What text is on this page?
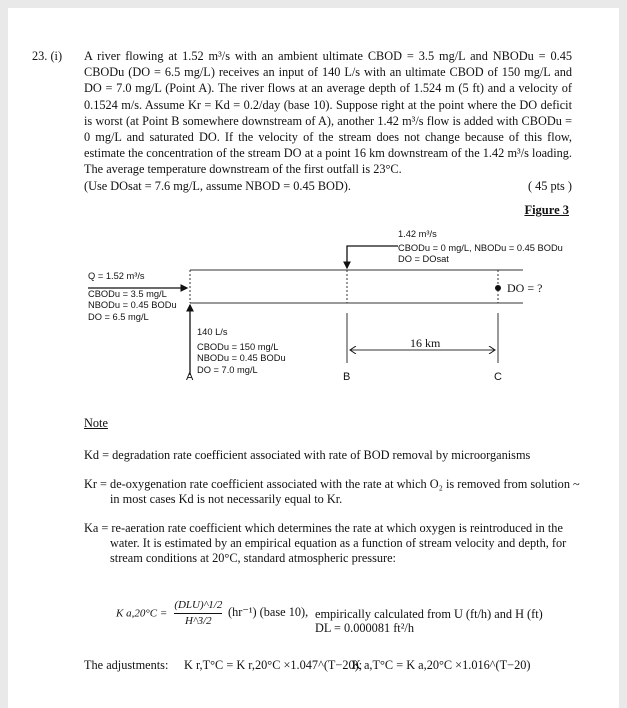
23. (i) A river flowing at 1.52 m³/s with an ambient ultimate CBOD = 3.5 mg/L and NBODu = 0.45 CBODu (DO = 6.5 mg/L) receives an input of 140 L/s with an ultimate CBOD of 150 mg/L and DO = 7.0 mg/L (Point A). The river flows at an average depth of 1.524 m (5 ft) and a velocity of 0.1524 m/s. Assume Kr = Kd = 0.2/day (base 10). Suppose right at the point where the DO deficit is worst (at Point B somewhere downstream of A), another 1.42 m³/s flow is added with CBODu = 0 mg/L and saturated DO. If the velocity of the stream does not change because of this flow, estimate the concentration of the stream DO at a point 16 km downstream of the 1.42 m³/s loading. The average temperature downstream of the first outfall is 23°C.
(Use DOsat = 7.6 mg/L, assume NBOD = 0.45 BOD).	( 45 pts )
Figure 3
Q = 1.52 m³/s
CBODu = 3.5 mg/L
NBODu = 0.45 BODu
DO = 6.5 mg/L
140 L/s
CBODu = 150 mg/L
NBODu = 0.45 BODu
DO = 7.0 mg/L
1.42 m³/s
CBODu = 0 mg/L, NBODu = 0.45 BODu
DO = DOsat
DO = ?
16 km
A	B	C
Note
Kd = degradation rate coefficient associated with rate of BOD removal by microorganisms
Kr = de-oxygenation rate coefficient associated with the rate at which O₂ is removed from solution ~ in most cases Kd is not necessarily equal to Kr.
Ka = re-aeration rate coefficient which determines the rate at which oxygen is reintroduced in the water. It is estimated by an empirical equation as a function of stream velocity and depth, for stream conditions at 20°C, standard atmospheric pressure:
K a,20°C =
(DLU)^1/2
H^3/2
(hr⁻¹) (base 10), empirically calculated from U (ft/h) and H (ft)
DL = 0.000081 ft²/h
The adjustments: K r,T°C = K r,20°C ×1.047^(T−20);
K a,T°C = K a,20°C ×1.016^(T−20)
